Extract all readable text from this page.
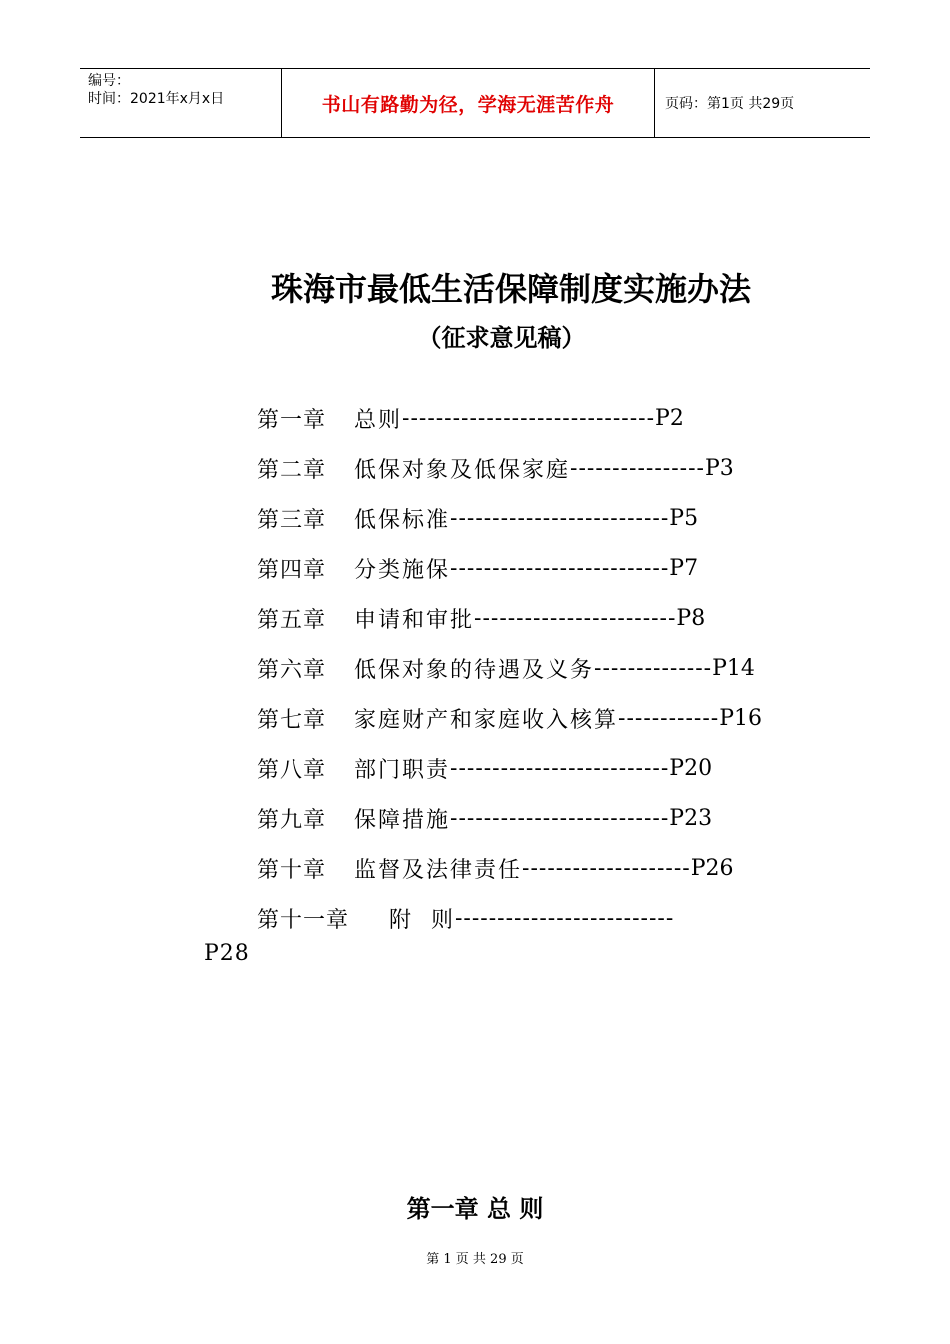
编号：
时间：2021年x月x日	书山有路勤为径，学海无涯苦作舟	页码：第1页 共29页
珠海市最低生活保障制度实施办法
（征求意见稿）
第一章	总则 ------------------------------ P2
第二章	低保对象及低保家庭 ---------------- P3
第三章	低保标准 -------------------------- P5
第四章	分类施保 -------------------------- P7
第五章	申请和审批 ------------------------ P8
第六章	低保对象的待遇及义务 -------------- P14
第七章	家庭财产和家庭收入核算 ------------ P16
第八章	部门职责 -------------------------- P20
第九章	保障措施 -------------------------- P23
第十章	监督及法律责任 -------------------- P26
第十一章	附  则 --------------------------
P28
第一章 总 则
第 1 页 共 29 页
